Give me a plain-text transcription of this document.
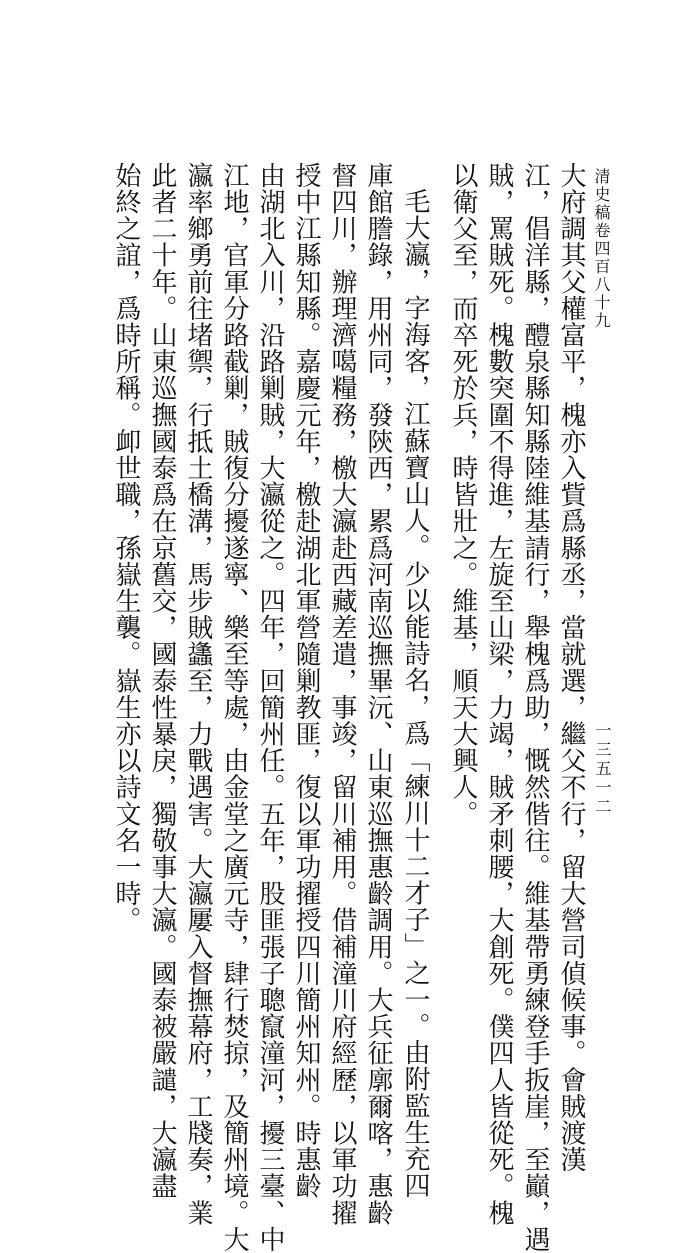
清史稿卷四百八十九
大府調其父權富平，槐亦入貲爲縣丞，當就選，繼父不行，留大營司偵候事。會賊渡漢
江，倡洋縣，醴泉縣知縣陸維基請行，舉槐爲助，慨然偕往。維基帶勇練登手扳崖，至巓，遇
賊，罵賊死。槐數突圍不得進，左旋至山梁，力竭，賊矛刺腰，大創死。僕四人皆從死。槐
以衛父至，而卒死於兵，時皆壯之。維基，順天大興人。
毛大瀛，字海客，江蘇寶山人。少以能詩名，爲「練川十二才子」之一。由附監生充四
庫館謄錄，用州同，發陝西，累爲河南巡撫畢沅、山東巡撫惠齡調用。大兵征廓爾喀，惠齡
督四川，辦理濟噶糧務，檄大瀛赴西藏差遣，事竣，留川補用。借補潼川府經歷，以軍功擢
授中江縣知縣。嘉慶元年，檄赴湖北軍營隨剿教匪，復以軍功擢授四川簡州知州。時惠齡
由湖北入川，沿路剿賊，大瀛從之。四年，回簡州任。五年，股匪張子聰竄潼河，擾三臺、中
江地，官軍分路截剿，賊復分擾遂寧、樂至等處，由金堂之廣元寺，肆行焚掠，及簡州境。大
瀛率鄉勇前往堵禦，行抵土橋溝，馬步賊蠭至，力戰遇害。大瀛屢入督撫幕府，工牋奏，業
此者二十年。山東巡撫國泰爲在京舊交，國泰性暴戾，獨敬事大瀛。國泰被嚴譴，大瀛盡
始終之誼，爲時所稱。卹世職，孫嶽生襲。嶽生亦以詩文名一時。	一三五一二
